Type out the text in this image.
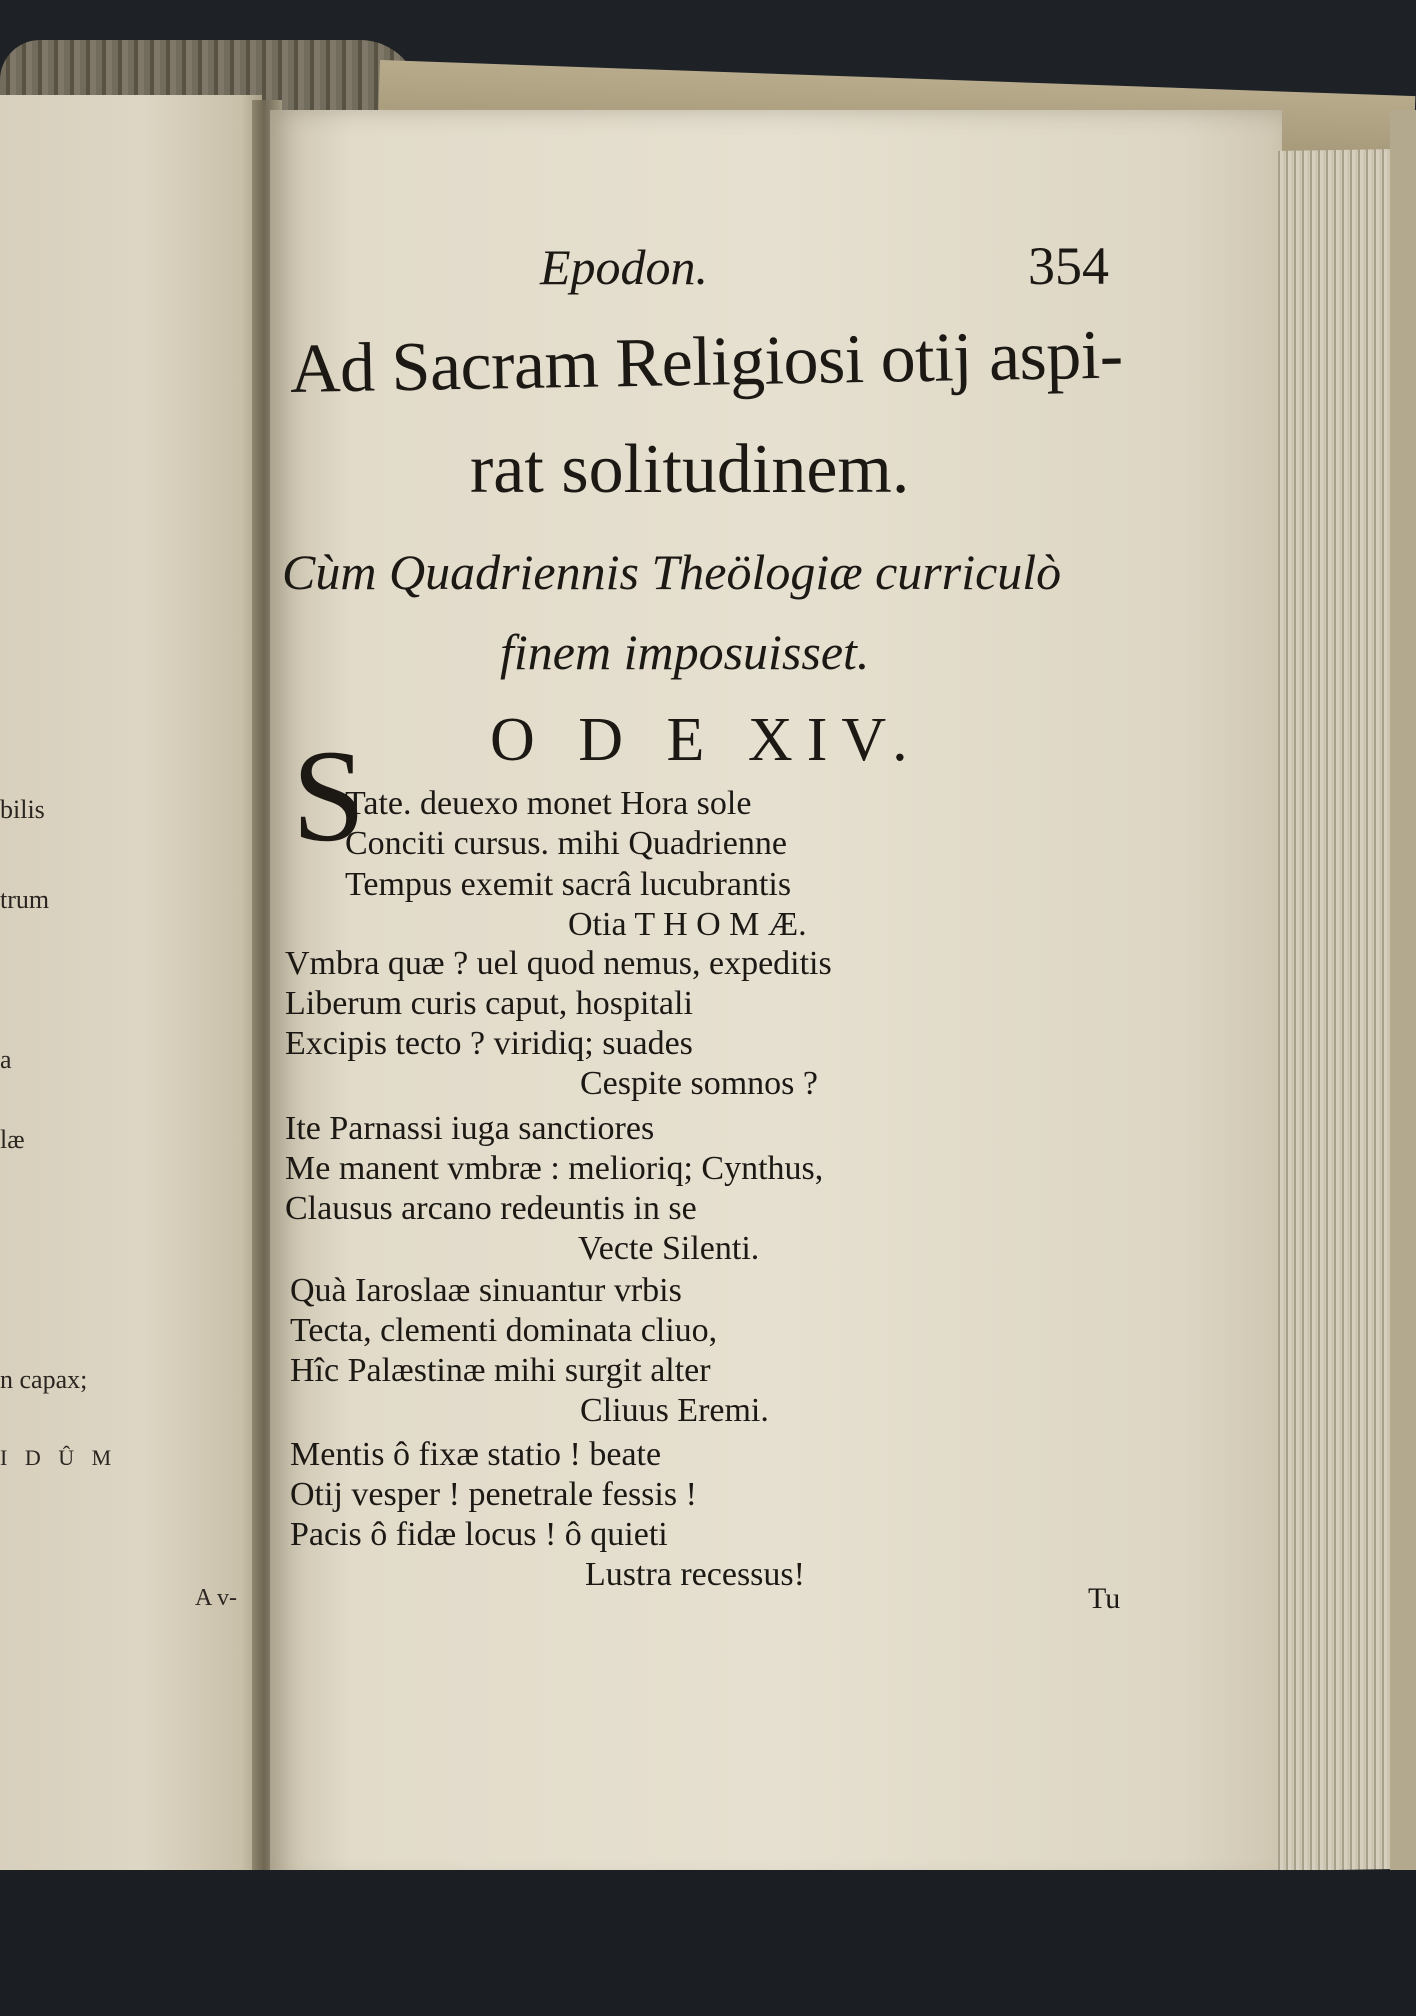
bilis
trum
a
læ
n capax;
I D Û M
A v-
Epodon.	354
Ad Sacram Religiosi otij aspi-
rat solitudinem.
Cùm Quadriennis Theölogiæ curriculò
finem imposuisset.
O D E XIV.
S
Tate. deuexo monet Hora sole
Conciti cursus. mihi Quadrienne
Tempus exemit sacrâ lucubrantis
Otia T H O M Æ.
Vmbra quæ ? uel quod nemus, expeditis
Liberum curis caput, hospitali
Excipis tecto ? viridiq; suades
Cespite somnos ?
Ite Parnassi iuga sanctiores
Me manent vmbræ : melioriq; Cynthus,
Clausus arcano redeuntis in se
Vecte Silenti.
Quà Iaroslaæ sinuantur vrbis
Tecta, clementi dominata cliuo,
Hîc Palæstinæ mihi surgit alter
Cliuus Eremi.
Mentis ô fixæ statio ! beate
Otij vesper ! penetrale fessis !
Pacis ô fidæ locus ! ô quieti
Lustra recessus!
Tu
